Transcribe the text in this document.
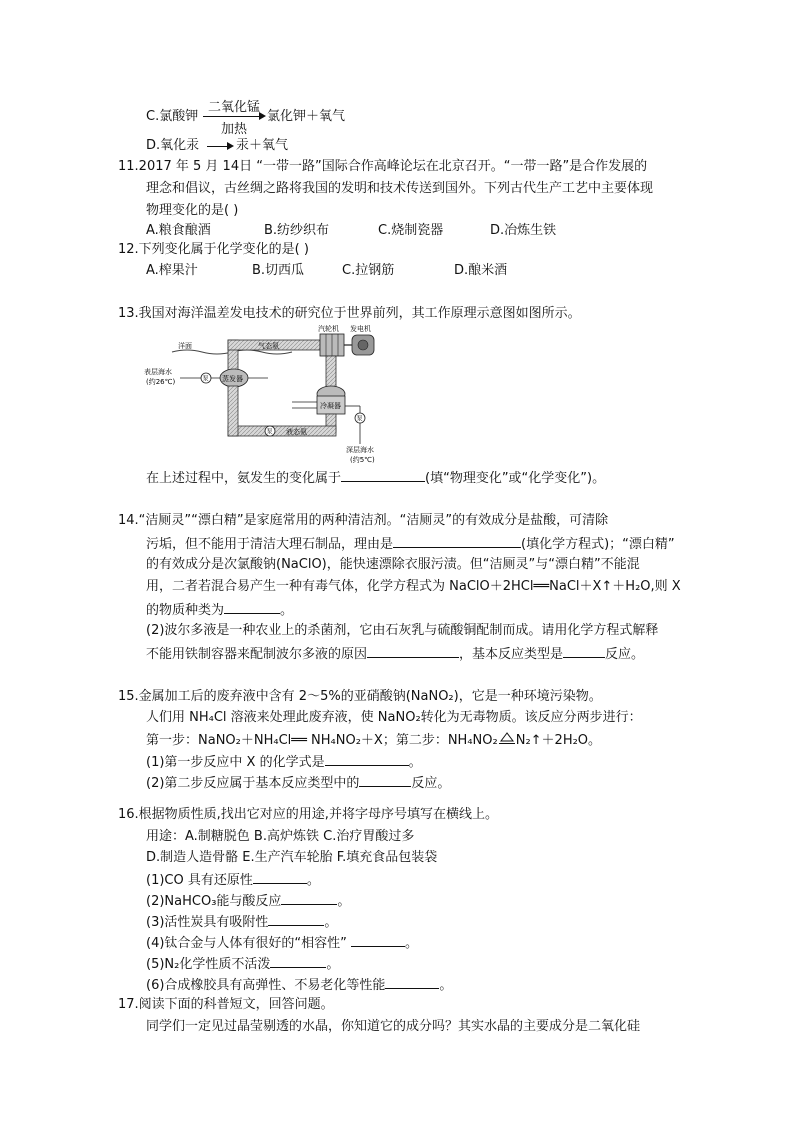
C.氯酸钾
二氧化锰
加热
氯化钾＋氧气
D.氧化汞	汞＋氧气
11.2017 年 5 月 14日 “一带一路”国际合作高峰论坛在北京召开。“一带一路”是合作发展的
理念和倡议，古丝绸之路将我国的发明和技术传送到国外。下列古代生产工艺中主要体现
物理变化的是( )
A.粮食酿酒	B.纺纱织布	C.烧制瓷器	D.冶炼生铁
12.下列变化属于化学变化的是( )
A.榨果汁	B.切西瓜	C.拉钢筋	D.酿米酒
13.我国对海洋温差发电技术的研究位于世界前列，其工作原理示意图如图所示。
洋面	气态氨
汽轮机 发电机
表层海水
(约26℃)	泵 蒸发器
冷凝器
泵
深层海水
(约5℃)
泵 液态氨
在上述过程中，氨发生的变化属于	(填“物理变化”或“化学变化”)。
14.“洁厕灵”“漂白精”是家庭常用的两种清洁剂。“洁厕灵”的有效成分是盐酸，可清除
污垢，但不能用于清洁大理石制品，理由是	(填化学方程式)；“漂白精”
的有效成分是次氯酸钠(NaClO)，能快速漂除衣服污渍。但“洁厕灵”与“漂白精”不能混
用，二者若混合易产生一种有毒气体，化学方程式为 NaClO＋2HCl══NaCl＋X↑＋H₂O,则 X
的物质种类为	。
(2)波尔多液是一种农业上的杀菌剂，它由石灰乳与硫酸铜配制而成。请用化学方程式解释
不能用铁制容器来配制波尔多液的原因	，基本反应类型是	反应。
15.金属加工后的废弃液中含有 2～5%的亚硝酸钠(NaNO₂)，它是一种环境污染物。
人们用 NH₄Cl 溶液来处理此废弃液，使 NaNO₂转化为无毒物质。该反应分两步进行：
第一步：NaNO₂＋NH₄Cl══ NH₄NO₂＋X；第二步：NH₄NO₂ N₂↑＋2H₂O。
(1)第一步反应中 X 的化学式是	。
(2)第二步反应属于基本反应类型中的	反应。
16.根据物质性质,找出它对应的用途,并将字母序号填写在横线上。
用途：A.制糖脱色 B.高炉炼铁 C.治疗胃酸过多
D.制造人造骨骼 E.生产汽车轮胎 F.填充食品包装袋
(1)CO 具有还原性	。
(2)NaHCO₃能与酸反应	。
(3)活性炭具有吸附性	。
(4)钛合金与人体有很好的“相容性”	。
(5)N₂化学性质不活泼	。
(6)合成橡胶具有高弹性、不易老化等性能	。
17.阅读下面的科普短文，回答问题。
同学们一定见过晶莹剔透的水晶，你知道它的成分吗？其实水晶的主要成分是二氧化硅
